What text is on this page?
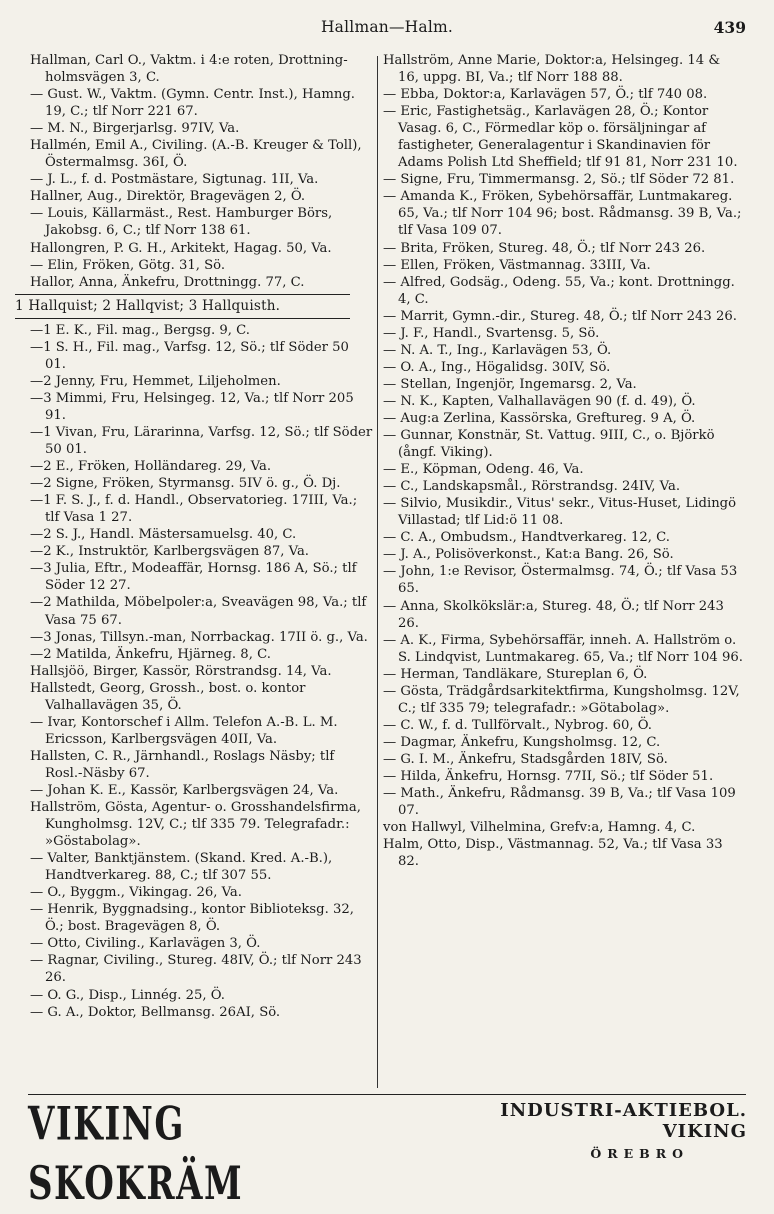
Hallman—Halm.	439
Hallman, Carl O., Vaktm. i 4:e roten, Drottning-holmsvägen 3, C.
— Gust. W., Vaktm. (Gymn. Centr. Inst.), Hamng. 19, C.; tlf Norr 221 67.
— M. N., Birgerjarlsg. 97IV, Va.
Hallmén, Emil A., Civiling. (A.-B. Kreuger & Toll), Östermalmsg. 36I, Ö.
— J. L., f. d. Postmästare, Sigtunag. 1II, Va.
Hallner, Aug., Direktör, Bragevägen 2, Ö.
— Louis, Källarmäst., Rest. Hamburger Börs, Jakobsg. 6, C.; tlf Norr 138 61.
Hallongren, P. G. H., Arkitekt, Hagag. 50, Va.
— Elin, Fröken, Götg. 31, Sö.
Hallor, Anna, Änkefru, Drottningg. 77, C.
1 Hallquist; 2 Hallqvist; 3 Hallquisth.
—1 E. K., Fil. mag., Bergsg. 9, C.
—1 S. H., Fil. mag., Varfsg. 12, Sö.; tlf Söder 50 01.
—2 Jenny, Fru, Hemmet, Liljeholmen.
—3 Mimmi, Fru, Helsingeg. 12, Va.; tlf Norr 205 91.
—1 Vivan, Fru, Lärarinna, Varfsg. 12, Sö.; tlf Söder 50 01.
—2 E., Fröken, Holländareg. 29, Va.
—2 Signe, Fröken, Styrmansg. 5IV ö. g., Ö. Dj.
—1 F. S. J., f. d. Handl., Observatorieg. 17III, Va.; tlf Vasa 1 27.
—2 S. J., Handl. Mästersamuelsg. 40, C.
—2 K., Instruktör, Karlbergsvägen 87, Va.
—3 Julia, Eftr., Modeaffär, Hornsg. 186 A, Sö.; tlf Söder 12 27.
—2 Mathilda, Möbelpoler:a, Sveavägen 98, Va.; tlf Vasa 75 67.
—3 Jonas, Tillsyn.-man, Norrbackag. 17II ö. g., Va.
—2 Matilda, Änkefru, Hjärneg. 8, C.
Hallsjöö, Birger, Kassör, Rörstrandsg. 14, Va.
Hallstedt, Georg, Grossh., bost. o. kontor Valhallavägen 35, Ö.
— Ivar, Kontorschef i Allm. Telefon A.-B. L. M. Ericsson, Karlbergsvägen 40II, Va.
Hallsten, C. R., Järnhandl., Roslags Näsby; tlf Rosl.-Näsby 67.
— Johan K. E., Kassör, Karlbergsvägen 24, Va.
Hallström, Gösta, Agentur- o. Grosshandelsfirma, Kungholmsg. 12V, C.; tlf 335 79. Telegrafadr.: »Göstabolag».
— Valter, Banktjänstem. (Skand. Kred. A.-B.), Handtverkareg. 88, C.; tlf 307 55.
— O., Byggm., Vikingag. 26, Va.
— Henrik, Byggnadsing., kontor Biblioteksg. 32, Ö.; bost. Bragevägen 8, Ö.
— Otto, Civiling., Karlavägen 3, Ö.
— Ragnar, Civiling., Stureg. 48IV, Ö.; tlf Norr 243 26.
— O. G., Disp., Linnég. 25, Ö.
— G. A., Doktor, Bellmansg. 26AI, Sö.
Hallström, Anne Marie, Doktor:a, Helsingeg. 14 & 16, uppg. BI, Va.; tlf Norr 188 88.
— Ebba, Doktor:a, Karlavägen 57, Ö.; tlf 740 08.
— Eric, Fastighetsäg., Karlavägen 28, Ö.; Kontor Vasag. 6, C., Förmedlar köp o. försäljningar af fastigheter, Generalagentur i Skandinavien för Adams Polish Ltd Sheffield; tlf 91 81, Norr 231 10.
— Signe, Fru, Timmermansg. 2, Sö.; tlf Söder 72 81.
— Amanda K., Fröken, Sybehörsaffär, Luntmakareg. 65, Va.; tlf Norr 104 96; bost. Rådmansg. 39 B, Va.; tlf Vasa 109 07.
— Brita, Fröken, Stureg. 48, Ö.; tlf Norr 243 26.
— Ellen, Fröken, Västmannag. 33III, Va.
— Alfred, Godsäg., Odeng. 55, Va.; kont. Drottningg. 4, C.
— Marrit, Gymn.-dir., Stureg. 48, Ö.; tlf Norr 243 26.
— J. F., Handl., Svartensg. 5, Sö.
— N. A. T., Ing., Karlavägen 53, Ö.
— O. A., Ing., Högalidsg. 30IV, Sö.
— Stellan, Ingenjör, Ingemarsg. 2, Va.
— N. K., Kapten, Valhallavägen 90 (f. d. 49), Ö.
— Aug:a Zerlina, Kassörska, Greftureg. 9 A, Ö.
— Gunnar, Konstnär, St. Vattug. 9III, C., o. Björkö (ångf. Viking).
— E., Köpman, Odeng. 46, Va.
— C., Landskapsmål., Rörstrandsg. 24IV, Va.
— Silvio, Musikdir., Vitus' sekr., Vitus-Huset, Lidingö Villastad; tlf Lid:ö 11 08.
— C. A., Ombudsm., Handtverkareg. 12, C.
— J. A., Polisöverkonst., Kat:a Bang. 26, Sö.
— John, 1:e Revisor, Östermalmsg. 74, Ö.; tlf Vasa 53 65.
— Anna, Skolkökslär:a, Stureg. 48, Ö.; tlf Norr 243 26.
— A. K., Firma, Sybehörsaffär, inneh. A. Hallström o. S. Lindqvist, Luntmakareg. 65, Va.; tlf Norr 104 96.
— Herman, Tandläkare, Stureplan 6, Ö.
— Gösta, Trädgårdsarkitektfirma, Kungsholmsg. 12V, C.; tlf 335 79; telegrafadr.: »Götabolag».
— C. W., f. d. Tullförvalt., Nybrog. 60, Ö.
— Dagmar, Änkefru, Kungsholmsg. 12, C.
— G. I. M., Änkefru, Stadsgården 18IV, Sö.
— Hilda, Änkefru, Hornsg. 77II, Sö.; tlf Söder 51.
— Math., Änkefru, Rådmansg. 39 B, Va.; tlf Vasa 109 07.
von Hallwyl, Vilhelmina, Grefv:a, Hamng. 4, C.
Halm, Otto, Disp., Västmannag. 52, Va.; tlf Vasa 33 82.
VIKING SKOKRÄM
INDUSTRI-AKTIEBOL. VIKING
ÖREBRO
